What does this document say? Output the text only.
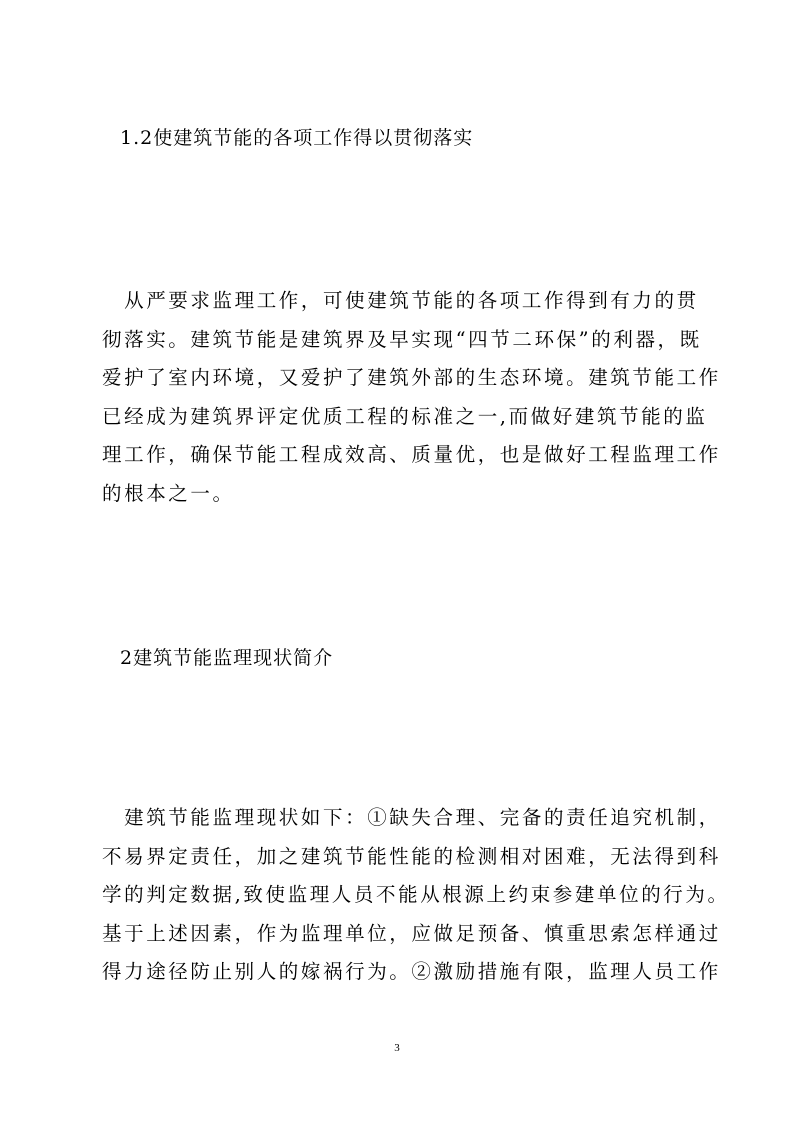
1.2使建筑节能的各项工作得以贯彻落实
　从严要求监理工作，可使建筑节能的各项工作得到有力的贯
彻落实。建筑节能是建筑界及早实现“四节二环保”的利器，既
爱护了室内环境，又爱护了建筑外部的生态环境。建筑节能工作
已经成为建筑界评定优质工程的标准之一,而做好建筑节能的监
理工作，确保节能工程成效高、质量优，也是做好工程监理工作
的根本之一。
2建筑节能监理现状简介
　建筑节能监理现状如下：①缺失合理、完备的责任追究机制，
不易界定责任，加之建筑节能性能的检测相对困难，无法得到科
学的判定数据,致使监理人员不能从根源上约束参建单位的行为。
基于上述因素，作为监理单位，应做足预备、慎重思索怎样通过
得力途径防止别人的嫁祸行为。②激励措施有限，监理人员工作
3
